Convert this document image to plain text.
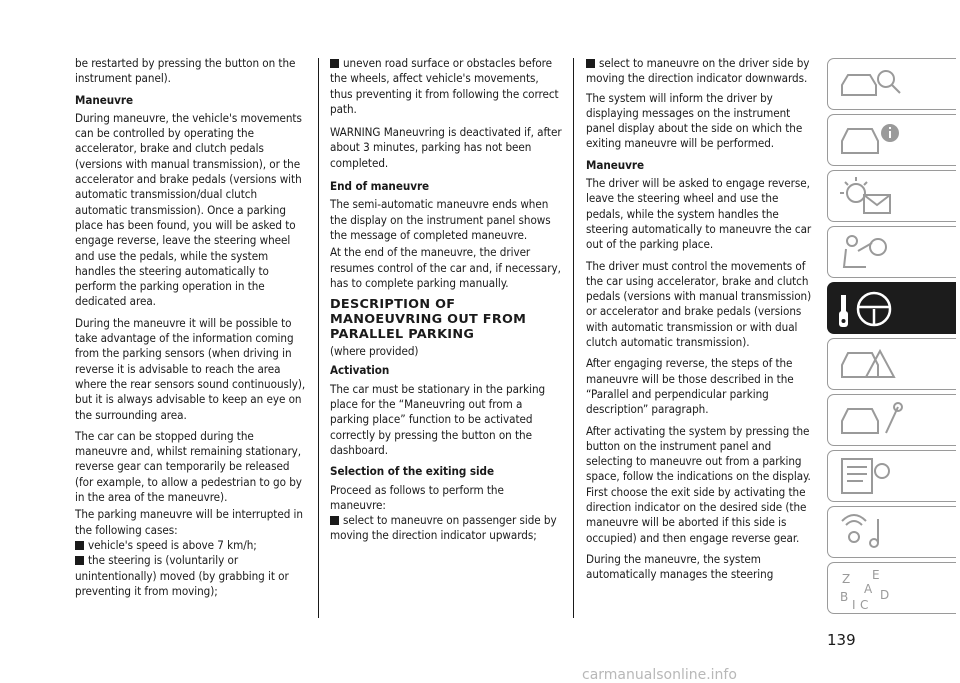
be restarted by pressing the button on the instrument panel).

Maneuvre

During maneuvre, the vehicle's movements can be controlled by operating the accelerator, brake and clutch pedals (versions with manual transmission), or the accelerator and brake pedals (versions with automatic transmission/dual clutch automatic transmission). Once a parking place has been found, you will be asked to engage reverse, leave the steering wheel and use the pedals, while the system handles the steering automatically to perform the parking operation in the dedicated area.

During the maneuvre it will be possible to take advantage of the information coming from the parking sensors (when driving in reverse it is advisable to reach the area where the rear sensors sound continuously), but it is always advisable to keep an eye on the surrounding area.

The car can be stopped during the maneuvre and, whilst remaining stationary, reverse gear can temporarily be released (for example, to allow a pedestrian to go by in the area of the maneuvre).

The parking maneuvre will be interrupted in the following cases:

vehicle's speed is above 7 km/h;
the steering is (voluntarily or unintentionally) moved (by grabbing it or preventing it from moving);

uneven road surface or obstacles before the wheels, affect vehicle's movements, thus preventing it from following the correct path.

WARNING Maneuvring is deactivated if, after about 3 minutes, parking has not been completed.

End of maneuvre

The semi-automatic maneuvre ends when the display on the instrument panel shows the message of completed maneuvre.

At the end of the maneuvre, the driver resumes control of the car and, if necessary, has to complete parking manually.

DESCRIPTION OF
MANOEUVRING OUT FROM
PARALLEL PARKING

(where provided)

Activation

The car must be stationary in the parking place for the “Maneuvring out from a parking place” function to be activated correctly by pressing the button on the dashboard.

Selection of the exiting side

Proceed as follows to perform the maneuvre:

select to maneuvre on passenger side by moving the direction indicator upwards;

select to maneuvre on the driver side by moving the direction indicator downwards.

The system will inform the driver by displaying messages on the instrument panel display about the side on which the exiting maneuvre will be performed.

Maneuvre

The driver will be asked to engage reverse, leave the steering wheel and use the pedals, while the system handles the steering automatically to maneuvre the car out of the parking place.

The driver must control the movements of the car using accelerator, brake and clutch pedals (versions with manual transmission) or accelerator and brake pedals (versions with automatic transmission or with dual clutch automatic transmission).

After engaging reverse, the steps of the maneuvre will be those described in the “Parallel and perpendicular parking description” paragraph.

After activating the system by pressing the button on the instrument panel and selecting to maneuvre out from a parking space, follow the indications on the display. First choose the exit side by activating the direction indicator on the desired side (the maneuvre will be aborted if this side is occupied) and then engage reverse gear.

During the maneuvre, the system automatically manages the steering	Z E
B
I C
A D
139
carmanualsonline.info
